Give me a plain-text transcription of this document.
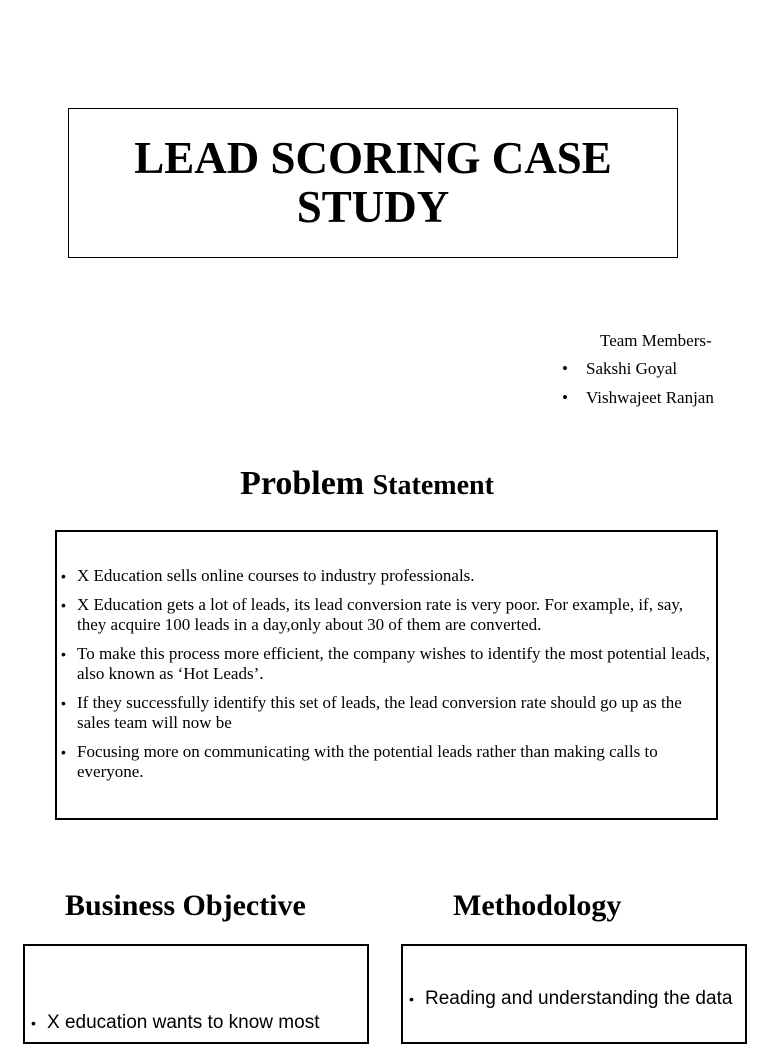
LEAD SCORING CASE
STUDY
Team Members-
•	Sakshi Goyal
•	Vishwajeet Ranjan
Problem Statement
• X Education sells online courses to industry professionals.
• X Education gets a lot of leads, its lead conversion rate is very poor. For example, if, say, they acquire 100 leads in a day,only about 30 of them are converted.
• To make this process more efficient, the company wishes to identify the most potential leads, also known as ‘Hot Leads’.
• If they successfully identify this set of leads, the lead conversion rate should go up as the sales team will now be
• Focusing more on communicating with the potential leads rather than making calls to everyone.
Business Objective	Methodology
• X education wants to know most
• Reading and understanding the data
